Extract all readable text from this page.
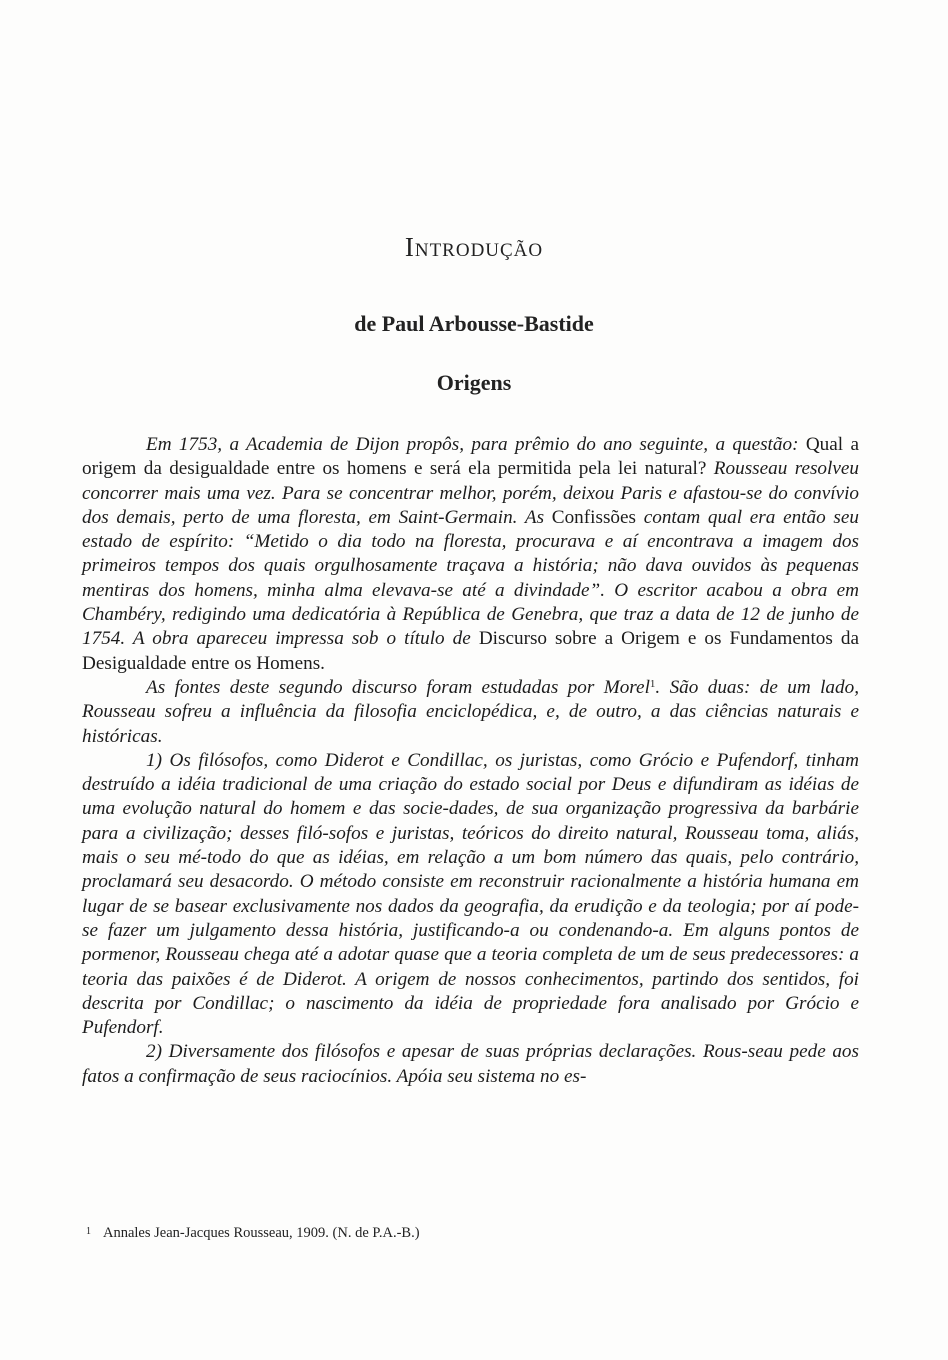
Introdução
de Paul Arbousse-Bastide
Origens

Em 1753, a Academia de Dijon propôs, para prêmio do ano seguinte, a questão: Qual a origem da desigualdade entre os homens e será ela permitida pela lei natural? Rousseau resolveu concorrer mais uma vez. Para se concentrar melhor, porém, deixou Paris e afastou-se do convívio dos demais, perto de uma floresta, em Saint-Germain. As Confissões contam qual era então seu estado de espírito: “Metido o dia todo na floresta, procurava e aí encontrava a imagem dos primeiros tempos dos quais orgulhosamente traçava a história; não dava ouvidos às pequenas mentiras dos homens, minha alma elevava-se até a divindade”. O escritor acabou a obra em Chambéry, redigindo uma dedicatória à República de Genebra, que traz a data de 12 de junho de 1754. A obra apareceu impressa sob o título de Discurso sobre a Origem e os Fundamentos da Desigualdade entre os Homens.

As fontes deste segundo discurso foram estudadas por Morel$^1$. São duas: de um lado, Rousseau sofreu a influência da filosofia enciclopédica, e, de outro, a das ciências naturais e históricas.

1) Os filósofos, como Diderot e Condillac, os juristas, como Grócio e Pufendorf, tinham destruído a idéia tradicional de uma criação do estado social por Deus e difundiram as idéias de uma evolução natural do homem e das socie-dades, de sua organização progressiva da barbárie para a civilização; desses filó-sofos e juristas, teóricos do direito natural, Rousseau toma, aliás, mais o seu mé-todo do que as idéias, em relação a um bom número das quais, pelo contrário, proclamará seu desacordo. O método consiste em reconstruir racionalmente a história humana em lugar de se basear exclusivamente nos dados da geografia, da erudição e da teologia; por aí pode-se fazer um julgamento dessa história, justificando-a ou condenando-a. Em alguns pontos de pormenor, Rousseau chega até a adotar quase que a teoria completa de um de seus predecessores: a teoria das paixões é de Diderot. A origem de nossos conhecimentos, partindo dos sentidos, foi descrita por Condillac; o nascimento da idéia de propriedade fora analisado por Grócio e Pufendorf.

2) Diversamente dos filósofos e apesar de suas próprias declarações. Rous-seau pede aos fatos a confirmação de seus raciocínios. Apóia seu sistema no es-

$^1$ Annales Jean-Jacques Rousseau, 1909. (N. de P.A.-B.)
